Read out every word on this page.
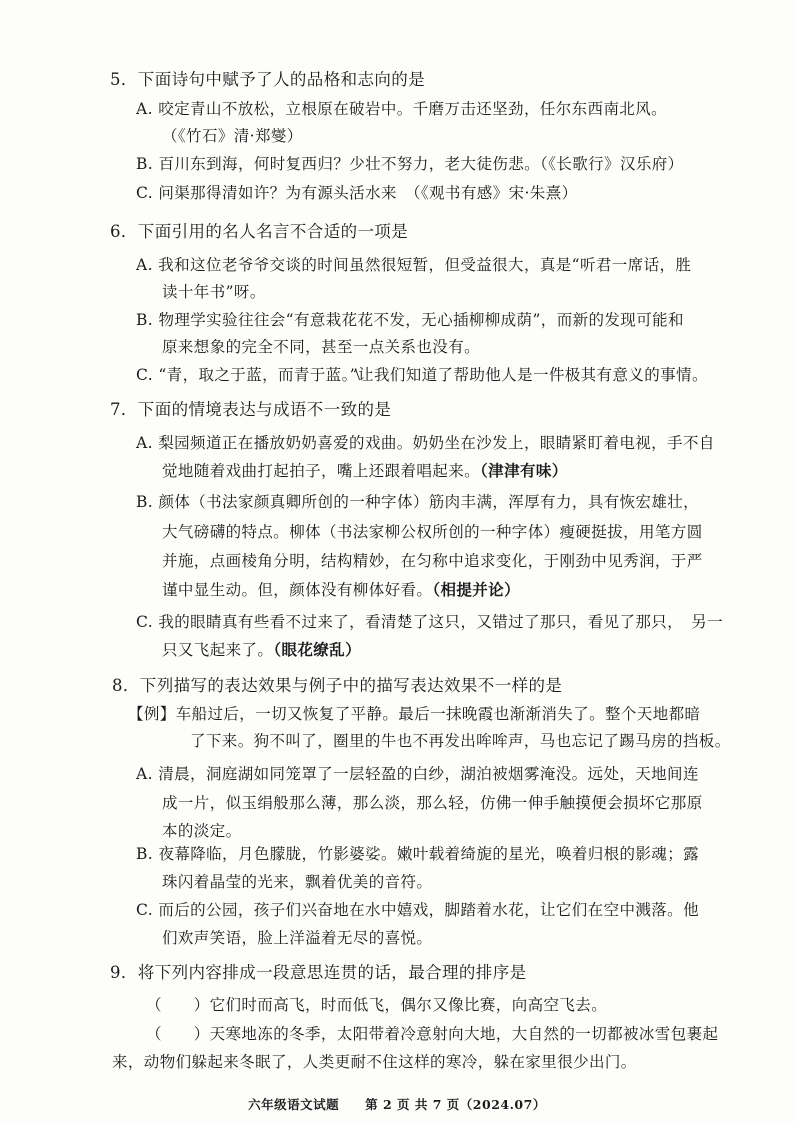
5．下面诗句中赋予了人的品格和志向的是
A. 咬定青山不放松，立根原在破岩中。千磨万击还坚劲，任尔东西南北风。
（《竹石》清·郑燮）
B. 百川东到海，何时复西归？少壮不努力，老大徒伤悲。（《长歌行》汉乐府）
C. 问渠那得清如许？为有源头活水来　（《观书有感》宋·朱熹）
6．下面引用的名人名言不合适的一项是
A. 我和这位老爷爷交谈的时间虽然很短暂，但受益很大，真是“听君一席话，胜
读十年书”呀。
B. 物理学实验往往会“有意栽花花不发，无心插柳柳成荫”，而新的发现可能和
原来想象的完全不同，甚至一点关系也没有。
C. “青，取之于蓝，而青于蓝。”让我们知道了帮助他人是一件极其有意义的事情。
7．下面的情境表达与成语不一致的是
A. 梨园频道正在播放奶奶喜爱的戏曲。奶奶坐在沙发上，眼睛紧盯着电视，手不自
觉地随着戏曲打起拍子，嘴上还跟着唱起来。（津津有味）
B. 颜体（书法家颜真卿所创的一种字体）筋肉丰满，浑厚有力，具有恢宏雄壮，
大气磅礴的特点。柳体（书法家柳公权所创的一种字体）瘦硬挺拔，用笔方圆
并施，点画棱角分明，结构精妙，在匀称中追求变化，于刚劲中见秀润，于严
谨中显生动。但，颜体没有柳体好看。（相提并论）
C. 我的眼睛真有些看不过来了，看清楚了这只，又错过了那只，看见了那只，　另一
只又飞起来了。（眼花缭乱）
8．下列描写的表达效果与例子中的描写表达效果不一样的是
【例】车船过后，一切又恢复了平静。最后一抹晚霞也渐渐消失了。整个天地都暗
了下来。狗不叫了，圈里的牛也不再发出哞哞声，马也忘记了踢马房的挡板。
A. 清晨，洞庭湖如同笼罩了一层轻盈的白纱，湖泊被烟雾淹没。远处，天地间连
成一片，似玉绢般那么薄，那么淡，那么轻，仿佛一伸手触摸便会损坏它那原
本的淡定。
B. 夜幕降临，月色朦胧，竹影婆娑。嫩叶载着绮旎的星光，唤着归根的影魂；露
珠闪着晶莹的光来，飘着优美的音符。
C. 而后的公园，孩子们兴奋地在水中嬉戏，脚踏着水花，让它们在空中溅落。他
们欢声笑语，脸上洋溢着无尽的喜悦。
9．将下列内容排成一段意思连贯的话，最合理的排序是
（　　）它们时而高飞，时而低飞，偶尔又像比赛，向高空飞去。
（　　）天寒地冻的冬季，太阳带着冷意射向大地，大自然的一切都被冰雪包裹起
来，动物们躲起来冬眠了，人类更耐不住这样的寒冷，躲在家里很少出门。
六年级语文试题　　第 2 页 共 7 页（2024.07）
